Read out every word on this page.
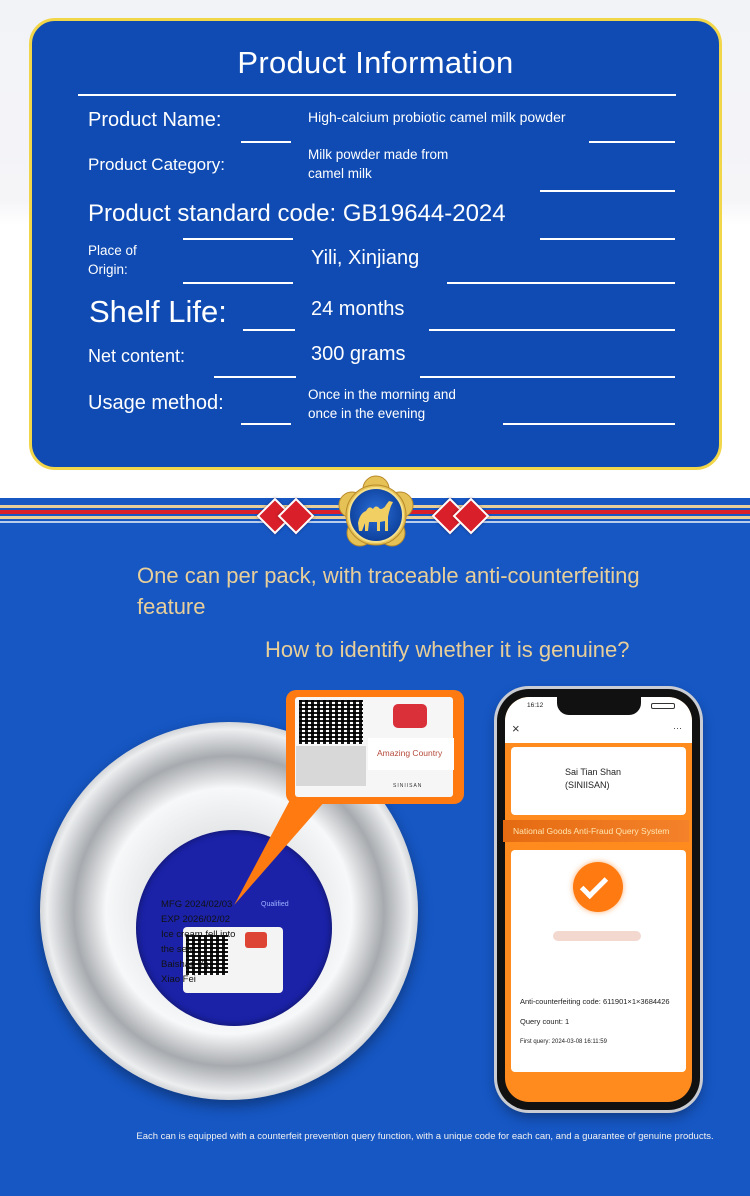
Product Information
Product Name:	High-calcium probiotic camel milk powder
Product Category:
Milk powder made from
camel milk
Product standard code: GB19644-2024
Place of
Origin:
Yili, Xinjiang
Shelf Life:	24 months
Net content:	300 grams
Usage method:	Once in the morning and
once in the evening

One can per pack, with traceable anti-counterfeiting feature

How to identify whether it is genuine?

MFG 2024/02/03
EXP 2026/02/02
Ice cream fell into
the sea
Baishan Ya
Xiao Fei
Qualified
Amazing Country
SINIISAN
16:12
×	···
Sai Tian Shan
(SINIISAN)
National Goods Anti-Fraud Query System
Anti-counterfeiting code: 611901×1×3684426
Query count: 1
First query: 2024-03-08 16:11:59

Each can is equipped with a counterfeit prevention query function, with a unique code for each can, and a guarantee of genuine products.
